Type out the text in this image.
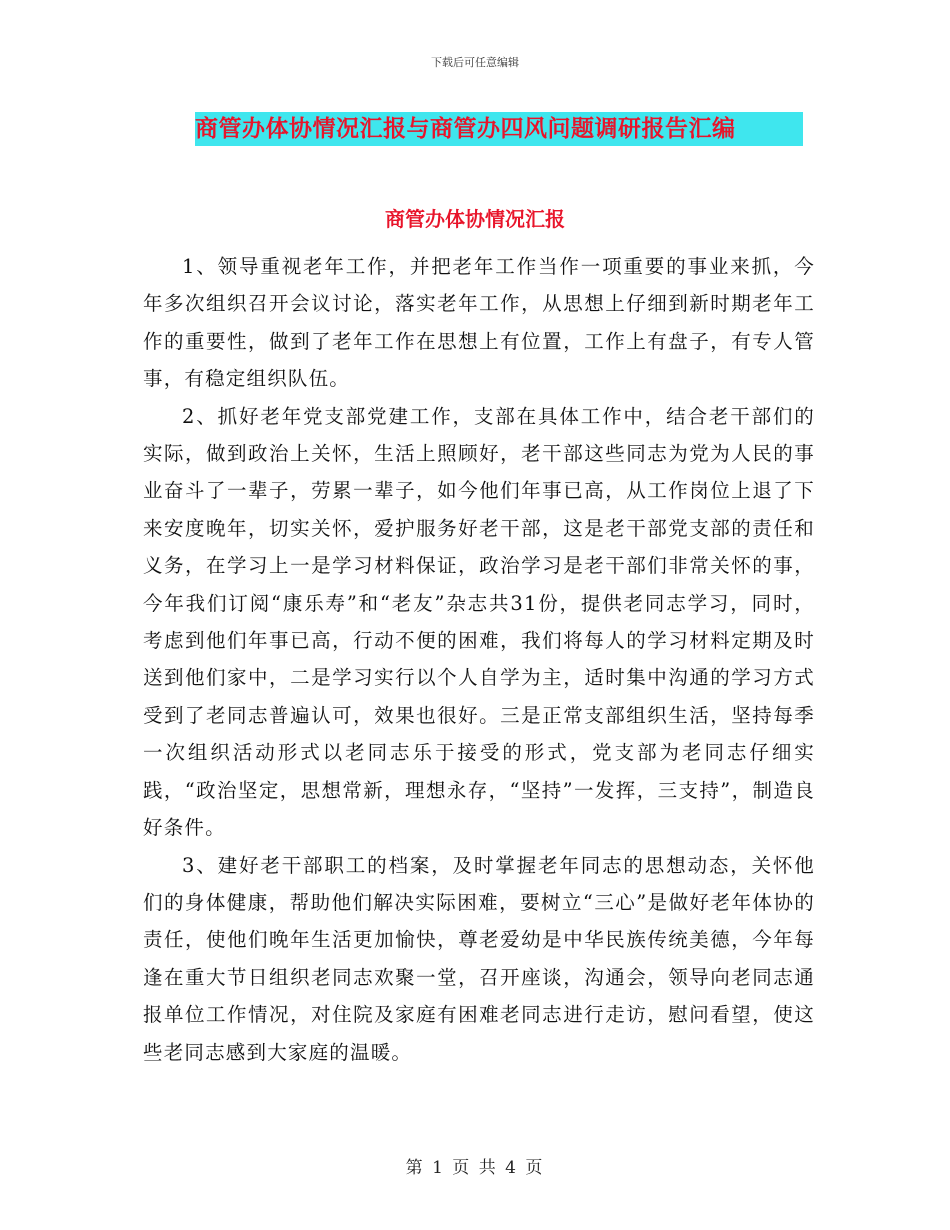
下载后可任意编辑
商管办体协情况汇报与商管办四风问题调研报告汇编
商管办体协情况汇报

1、领导重视老年工作，并把老年工作当作一项重要的事业来抓，今年多次组织召开会议讨论，落实老年工作，从思想上仔细到新时期老年工作的重要性，做到了老年工作在思想上有位置，工作上有盘子，有专人管事，有稳定组织队伍。

2、抓好老年党支部党建工作，支部在具体工作中，结合老干部们的实际，做到政治上关怀，生活上照顾好，老干部这些同志为党为人民的事业奋斗了一辈子，劳累一辈子，如今他们年事已高，从工作岗位上退了下来安度晚年，切实关怀，爱护服务好老干部，这是老干部党支部的责任和义务，在学习上一是学习材料保证，政治学习是老干部们非常关怀的事，今年我们订阅“康乐寿”和“老友”杂志共31份，提供老同志学习，同时，考虑到他们年事已高，行动不便的困难，我们将每人的学习材料定期及时送到他们家中，二是学习实行以个人自学为主，适时集中沟通的学习方式受到了老同志普遍认可，效果也很好。三是正常支部组织生活，坚持每季一次组织活动形式以老同志乐于接受的形式，党支部为老同志仔细实践，“政治坚定，思想常新，理想永存，“坚持”一发挥，三支持”，制造良好条件。

3、建好老干部职工的档案，及时掌握老年同志的思想动态，关怀他们的身体健康，帮助他们解决实际困难，要树立“三心”是做好老年体协的责任，使他们晚年生活更加愉快，尊老爱幼是中华民族传统美德，今年每逢在重大节日组织老同志欢聚一堂，召开座谈，沟通会，领导向老同志通报单位工作情况，对住院及家庭有困难老同志进行走访，慰问看望，使这些老同志感到大家庭的温暖。

第 1 页 共 4 页
